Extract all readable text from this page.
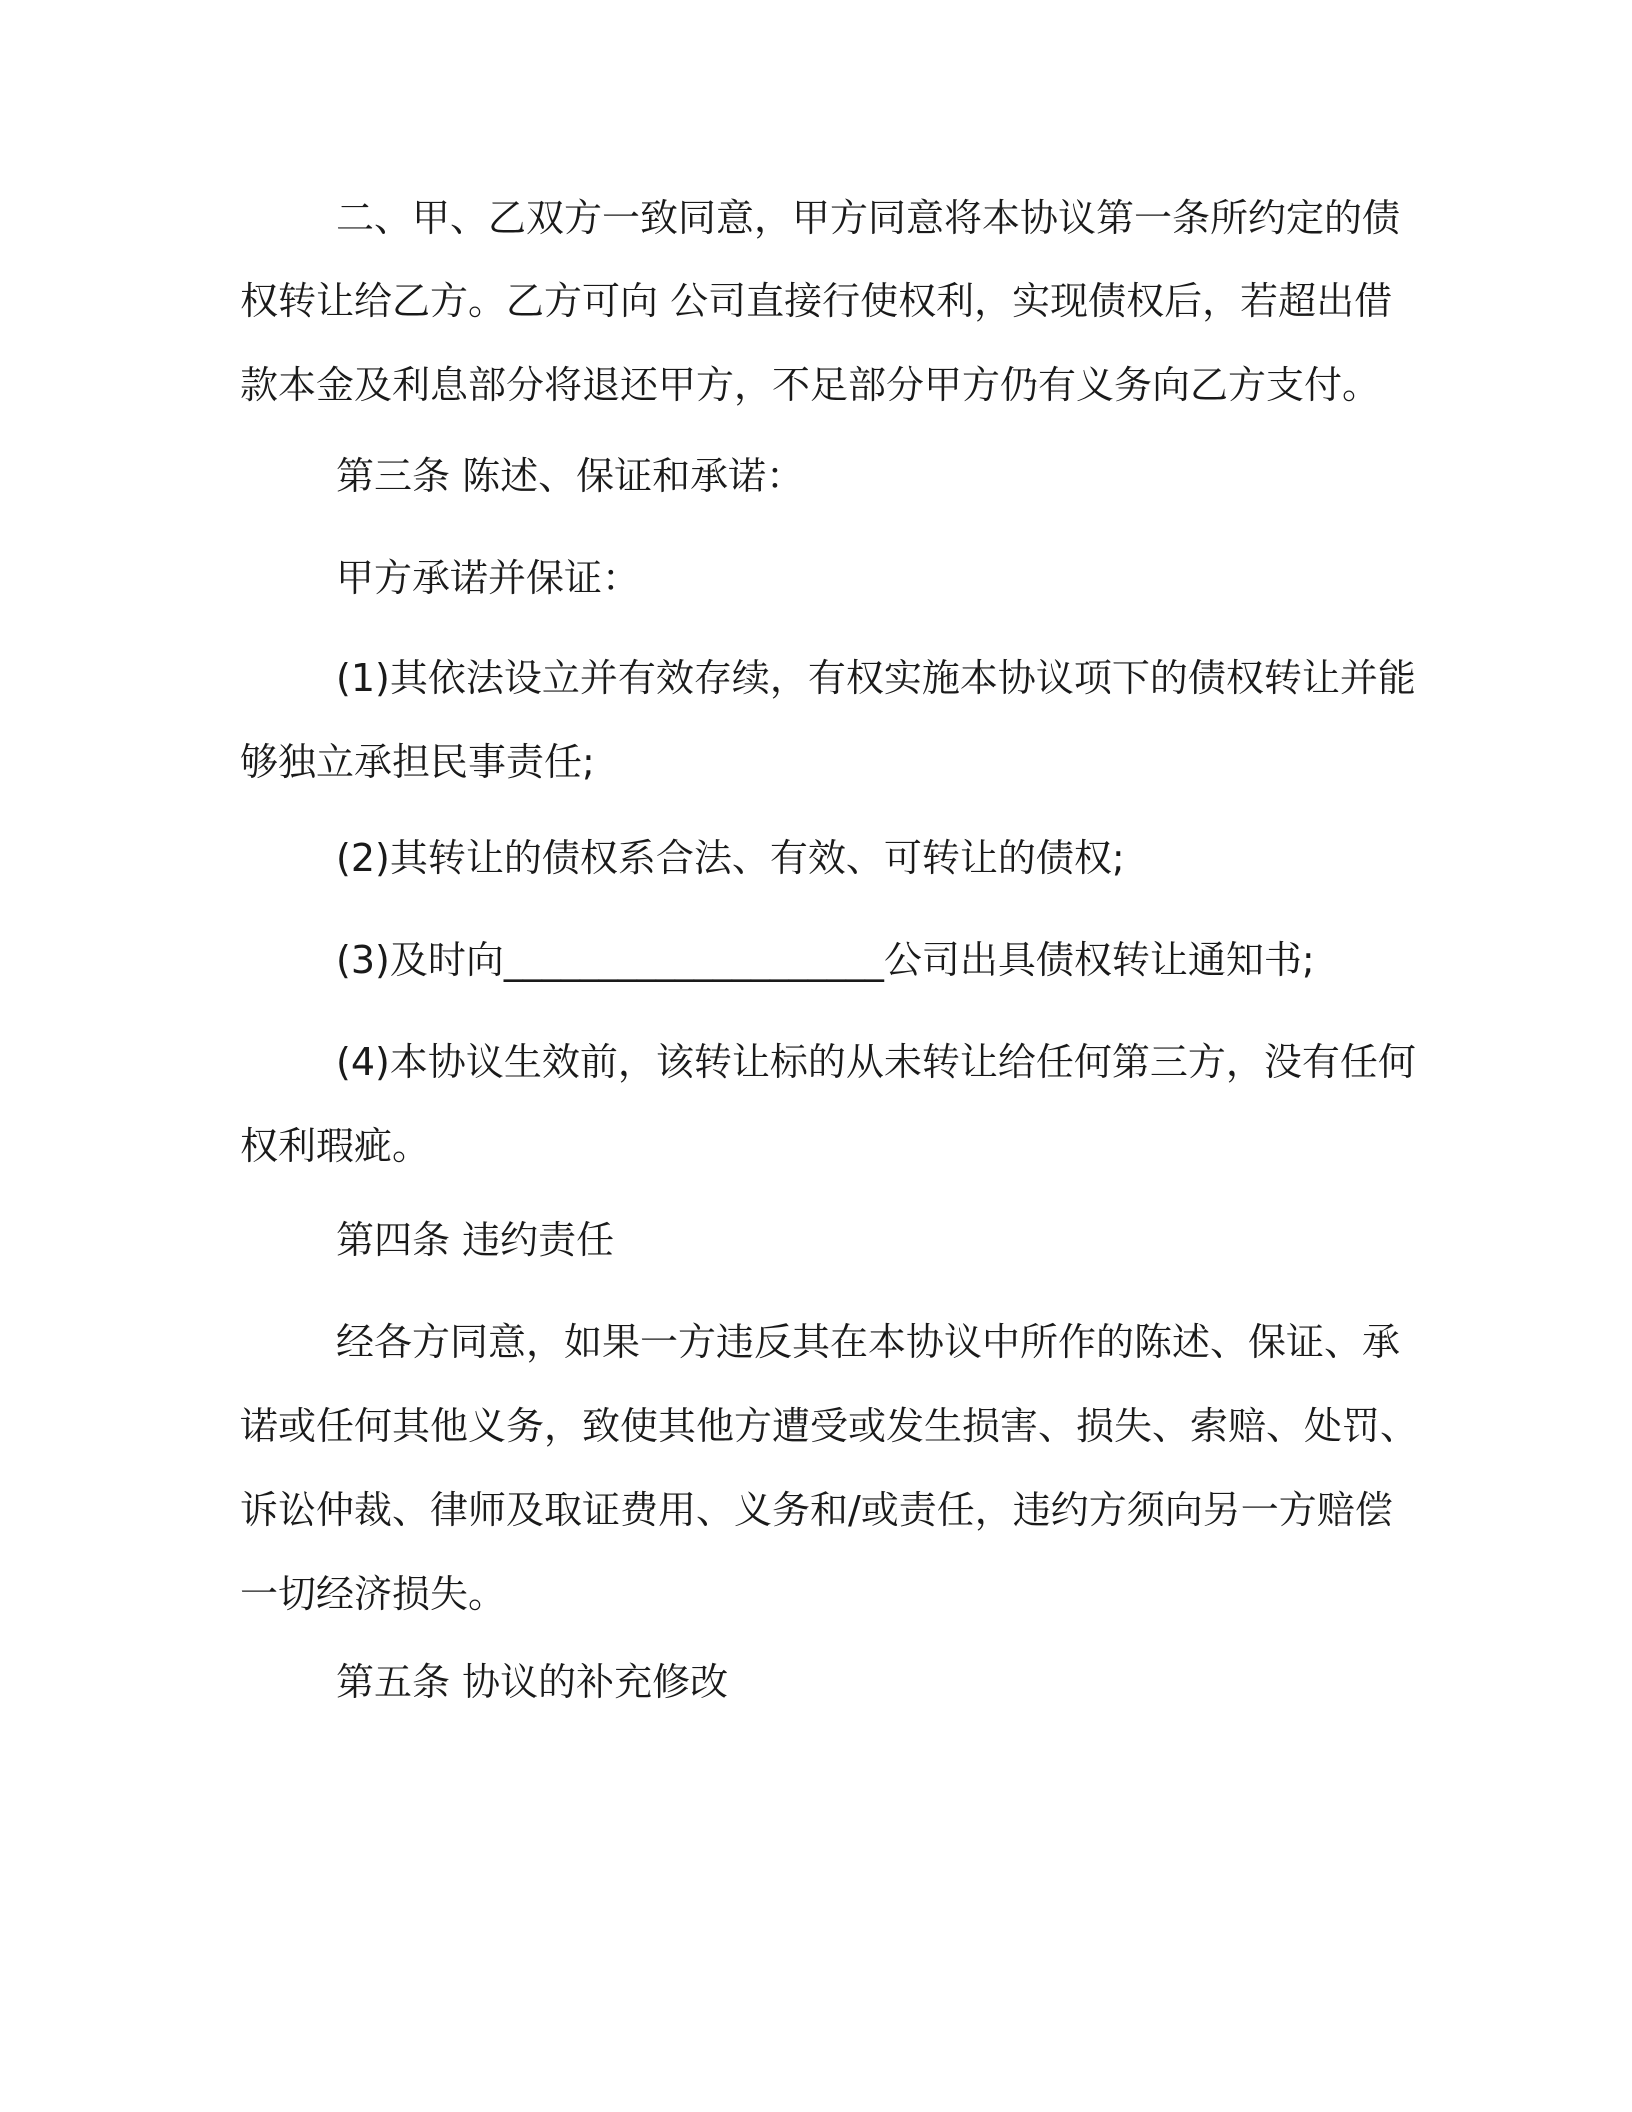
二、甲、乙双方一致同意，甲方同意将本协议第一条所约定的债
权转让给乙方。乙方可向 公司直接行使权利，实现债权后，若超出借
款本金及利息部分将退还甲方，不足部分甲方仍有义务向乙方支付。
第三条 陈述、保证和承诺：
甲方承诺并保证：
(1)其依法设立并有效存续，有权实施本协议项下的债权转让并能
够独立承担民事责任;
(2)其转让的债权系合法、有效、可转让的债权;
(3)及时向____________________公司出具债权转让通知书;
(4)本协议生效前，该转让标的从未转让给任何第三方，没有任何
权利瑕疵。
第四条 违约责任
经各方同意，如果一方违反其在本协议中所作的陈述、保证、承
诺或任何其他义务，致使其他方遭受或发生损害、损失、索赔、处罚、
诉讼仲裁、律师及取证费用、义务和/或责任，违约方须向另一方赔偿
一切经济损失。
第五条 协议的补充修改
